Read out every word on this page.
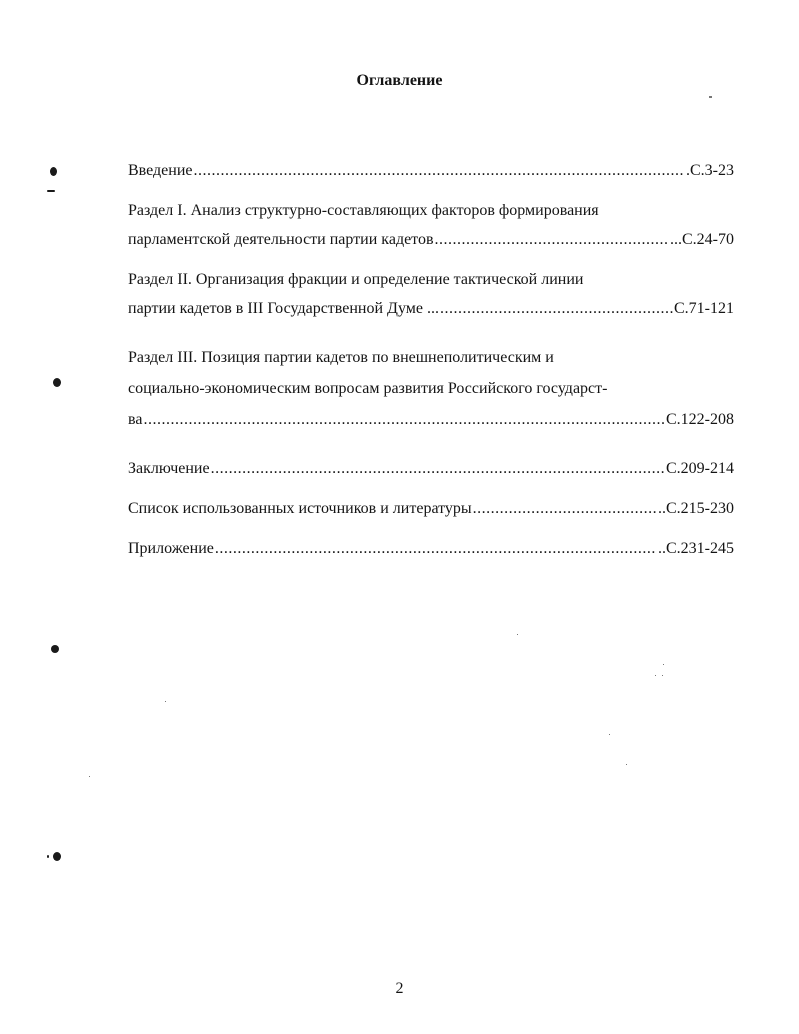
Оглавление
Введение .....	.С.3-23
Раздел I. Анализ структурно-составляющих факторов формирования
парламентской деятельности партии кадетов .....	...С.24-70
Раздел II. Организация фракции и определение тактической линии
партии кадетов в III Государственной Думе ... .....	С.71-121
Раздел III. Позиция партии кадетов по внешнеполитическим и
социально-экономическим вопросам развития Российского государст-
ва .....	С.122-208
Заключение .....	С.209-214
Список использованных источников и литературы .....	..С.215-230
Приложение .....	..С.231-245
2
